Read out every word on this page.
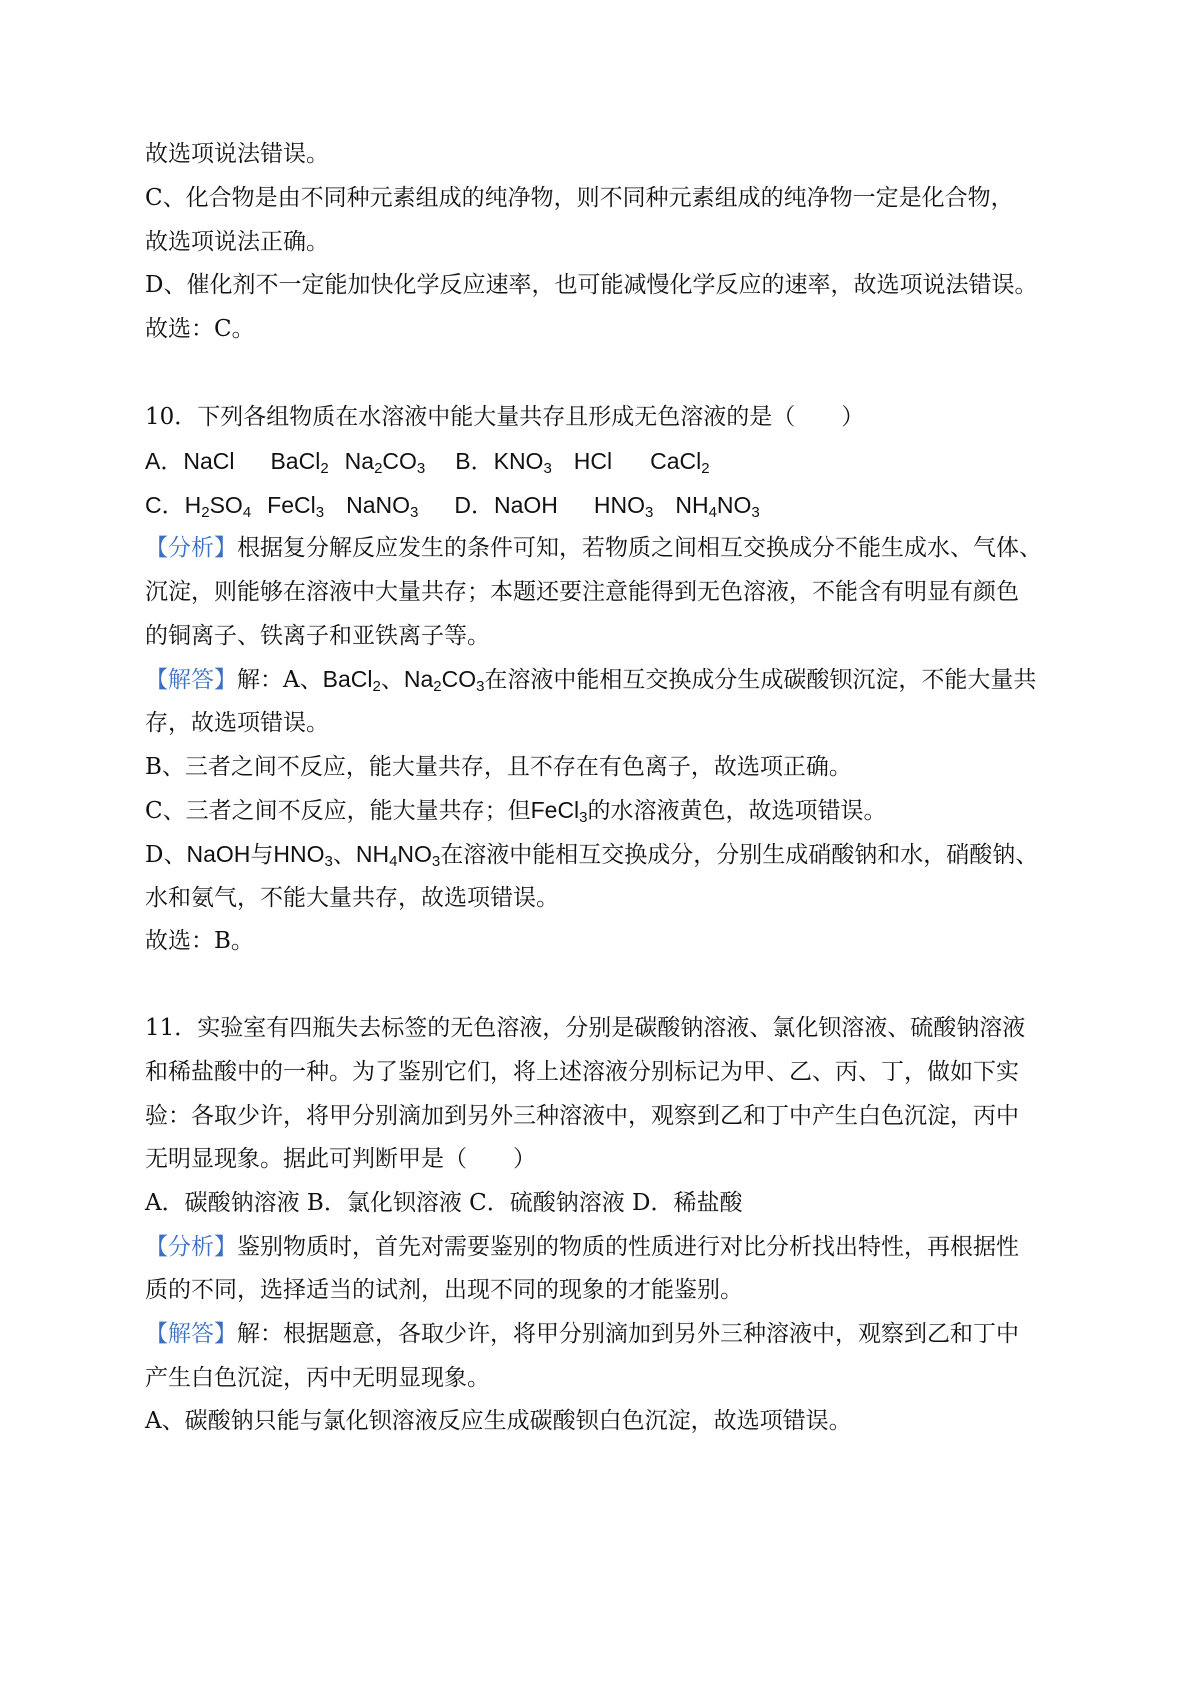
故选项说法错误。
C、化合物是由不同种元素组成的纯净物，则不同种元素组成的纯净物一定是化合物，
故选项说法正确。
D、催化剂不一定能加快化学反应速率，也可能减慢化学反应的速率，故选项说法错误。
故选：C。
10．下列各组物质在水溶液中能大量共存且形成无色溶液的是（　　）
A．NaCl BaCl$_2$ $Na_2CO_3$ B．$KNO_3$ HCl CaCl$_2$
C．$H_2SO_4$ FeCl$_3$ NaNO$_3$ D．NaOH $HNO_3$ $NH_4NO_3$
【分析】根据复分解反应发生的条件可知，若物质之间相互交换成分不能生成水、气体、
沉淀，则能够在溶液中大量共存；本题还要注意能得到无色溶液，不能含有明显有颜色
的铜离子、铁离子和亚铁离子等。
【解答】解：A、BaCl$_2$、$Na_2CO_3$在溶液中能相互交换成分生成碳酸钡沉淀，不能大量共
存，故选项错误。
B、三者之间不反应，能大量共存，且不存在有色离子，故选项正确。
C、三者之间不反应，能大量共存；但FeCl$_3$的水溶液黄色，故选项错误。
D、NaOH与$HNO_3$、$NH_4NO_3$在溶液中能相互交换成分，分别生成硝酸钠和水，硝酸钠、
水和氨气，不能大量共存，故选项错误。
故选：B。
11．实验室有四瓶失去标签的无色溶液，分别是碳酸钠溶液、氯化钡溶液、硫酸钠溶液
和稀盐酸中的一种。为了鉴别它们，将上述溶液分别标记为甲、乙、丙、丁，做如下实
验：各取少许，将甲分别滴加到另外三种溶液中，观察到乙和丁中产生白色沉淀，丙中
无明显现象。据此可判断甲是（　　）
A．碳酸钠溶液 B．氯化钡溶液 C．硫酸钠溶液 D．稀盐酸
【分析】鉴别物质时，首先对需要鉴别的物质的性质进行对比分析找出特性，再根据性
质的不同，选择适当的试剂，出现不同的现象的才能鉴别。
【解答】解：根据题意，各取少许，将甲分别滴加到另外三种溶液中，观察到乙和丁中
产生白色沉淀，丙中无明显现象。
A、碳酸钠只能与氯化钡溶液反应生成碳酸钡白色沉淀，故选项错误。
